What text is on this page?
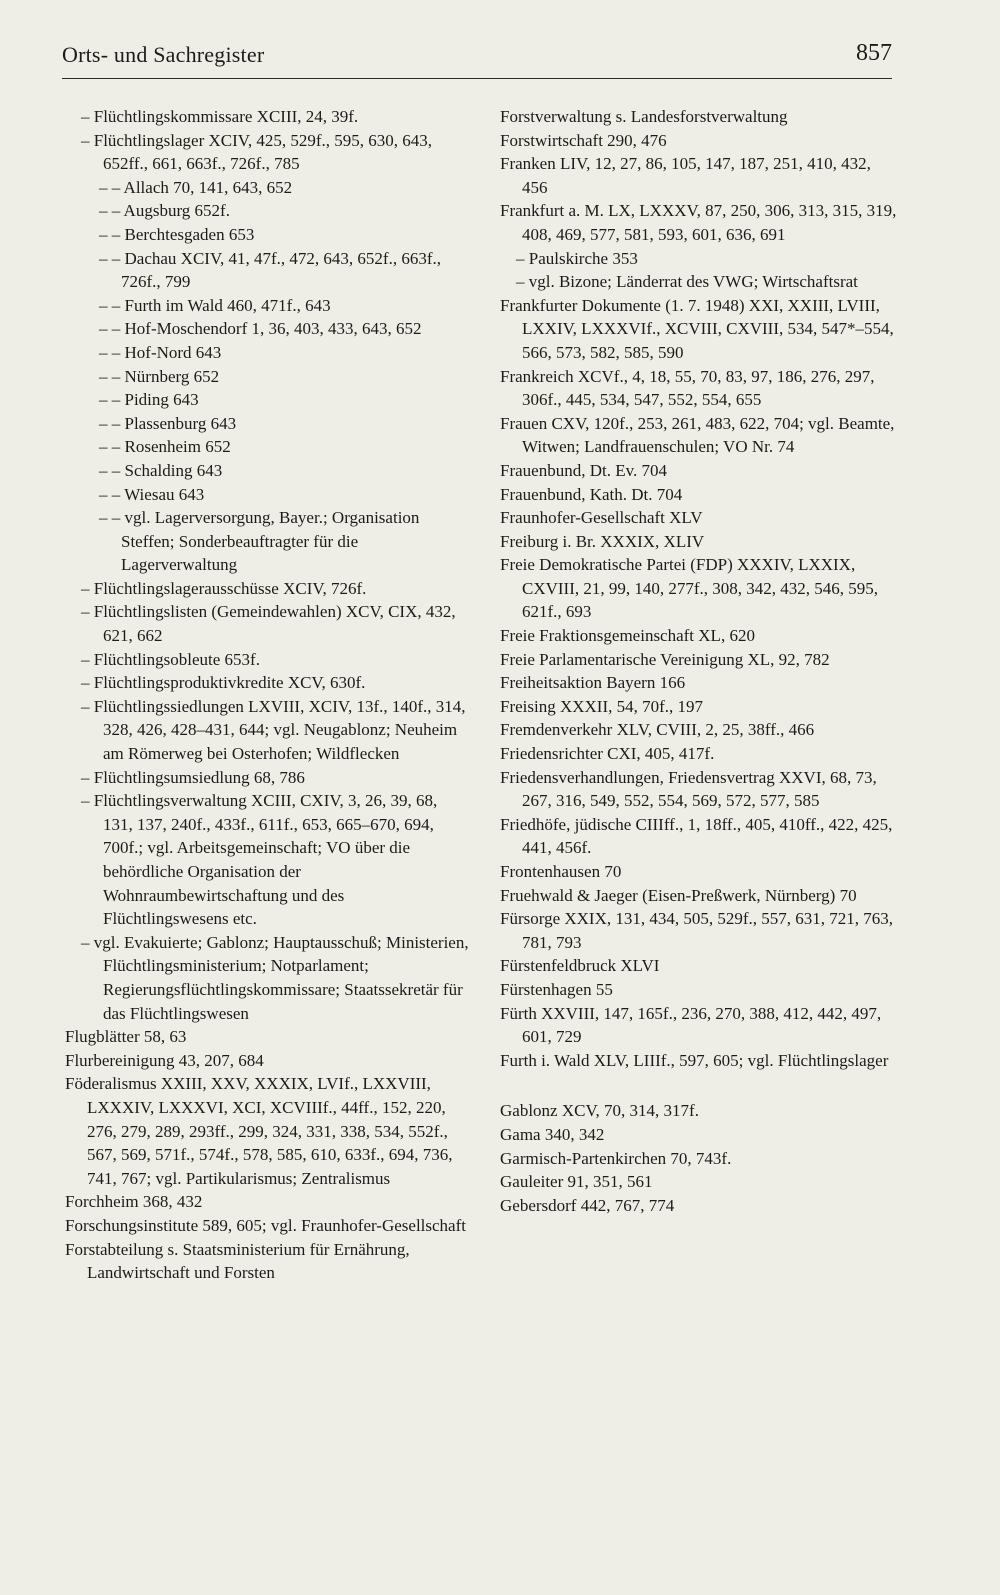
Orts- und Sachregister	857

– Flüchtlingskommissare XCIII, 24, 39f.

– Flüchtlingslager XCIV, 425, 529f., 595, 630, 643, 652ff., 661, 663f., 726f., 785

– – Allach 70, 141, 643, 652

– – Augsburg 652f.

– – Berchtesgaden 653

– – Dachau XCIV, 41, 47f., 472, 643, 652f., 663f., 726f., 799

– – Furth im Wald 460, 471f., 643

– – Hof-Moschendorf 1, 36, 403, 433, 643, 652

– – Hof-Nord 643

– – Nürnberg 652

– – Piding 643

– – Plassenburg 643

– – Rosenheim 652

– – Schalding 643

– – Wiesau 643

– – vgl. Lagerversorgung, Bayer.; Organisation Steffen; Sonderbeauftragter für die Lagerverwaltung

– Flüchtlingslagerausschüsse XCIV, 726f.

– Flüchtlingslisten (Gemeindewahlen) XCV, CIX, 432, 621, 662

– Flüchtlingsobleute 653f.

– Flüchtlingsproduktivkredite XCV, 630f.

– Flüchtlingssiedlungen LXVIII, XCIV, 13f., 140f., 314, 328, 426, 428–431, 644; vgl. Neugablonz; Neuheim am Römerweg bei Osterhofen; Wildflecken

– Flüchtlingsumsiedlung 68, 786

– Flüchtlingsverwaltung XCIII, CXIV, 3, 26, 39, 68, 131, 137, 240f., 433f., 611f., 653, 665–670, 694, 700f.; vgl. Arbeitsgemeinschaft; VO über die behördliche Organisation der Wohnraumbewirtschaftung und des Flüchtlingswesens etc.

– vgl. Evakuierte; Gablonz; Hauptausschuß; Ministerien, Flüchtlingsministerium; Notparlament; Regierungsflüchtlingskommissare; Staatssekretär für das Flüchtlingswesen

Flugblätter 58, 63

Flurbereinigung 43, 207, 684

Föderalismus XXIII, XXV, XXXIX, LVIf., LXXVIII, LXXXIV, LXXXVI, XCI, XCVIIIf., 44ff., 152, 220, 276, 279, 289, 293ff., 299, 324, 331, 338, 534, 552f., 567, 569, 571f., 574f., 578, 585, 610, 633f., 694, 736, 741, 767; vgl. Partikularismus; Zentralismus

Forchheim 368, 432

Forschungsinstitute 589, 605; vgl. Fraunhofer-Gesellschaft

Forstabteilung s. Staatsministerium für Ernährung, Landwirtschaft und Forsten

Forstverwaltung s. Landesforstverwaltung

Forstwirtschaft 290, 476

Franken LIV, 12, 27, 86, 105, 147, 187, 251, 410, 432, 456

Frankfurt a. M. LX, LXXXV, 87, 250, 306, 313, 315, 319, 408, 469, 577, 581, 593, 601, 636, 691

– Paulskirche 353

– vgl. Bizone; Länderrat des VWG; Wirtschaftsrat

Frankfurter Dokumente (1. 7. 1948) XXI, XXIII, LVIII, LXXIV, LXXXVIf., XCVIII, CXVIII, 534, 547*–554, 566, 573, 582, 585, 590

Frankreich XCVf., 4, 18, 55, 70, 83, 97, 186, 276, 297, 306f., 445, 534, 547, 552, 554, 655

Frauen CXV, 120f., 253, 261, 483, 622, 704; vgl. Beamte, Witwen; Landfrauenschulen; VO Nr. 74

Frauenbund, Dt. Ev. 704

Frauenbund, Kath. Dt. 704

Fraunhofer-Gesellschaft XLV

Freiburg i. Br. XXXIX, XLIV

Freie Demokratische Partei (FDP) XXXIV, LXXIX, CXVIII, 21, 99, 140, 277f., 308, 342, 432, 546, 595, 621f., 693

Freie Fraktionsgemeinschaft XL, 620

Freie Parlamentarische Vereinigung XL, 92, 782

Freiheitsaktion Bayern 166

Freising XXXII, 54, 70f., 197

Fremdenverkehr XLV, CVIII, 2, 25, 38ff., 466

Friedensrichter CXI, 405, 417f.

Friedensverhandlungen, Friedensvertrag XXVI, 68, 73, 267, 316, 549, 552, 554, 569, 572, 577, 585

Friedhöfe, jüdische CIIIff., 1, 18ff., 405, 410ff., 422, 425, 441, 456f.

Frontenhausen 70

Fruehwald & Jaeger (Eisen-Preßwerk, Nürnberg) 70

Fürsorge XXIX, 131, 434, 505, 529f., 557, 631, 721, 763, 781, 793

Fürstenfeldbruck XLVI

Fürstenhagen 55

Fürth XXVIII, 147, 165f., 236, 270, 388, 412, 442, 497, 601, 729

Furth i. Wald XLV, LIIIf., 597, 605; vgl. Flüchtlingslager

Gablonz XCV, 70, 314, 317f.

Gama 340, 342

Garmisch-Partenkirchen 70, 743f.

Gauleiter 91, 351, 561

Gebersdorf 442, 767, 774
